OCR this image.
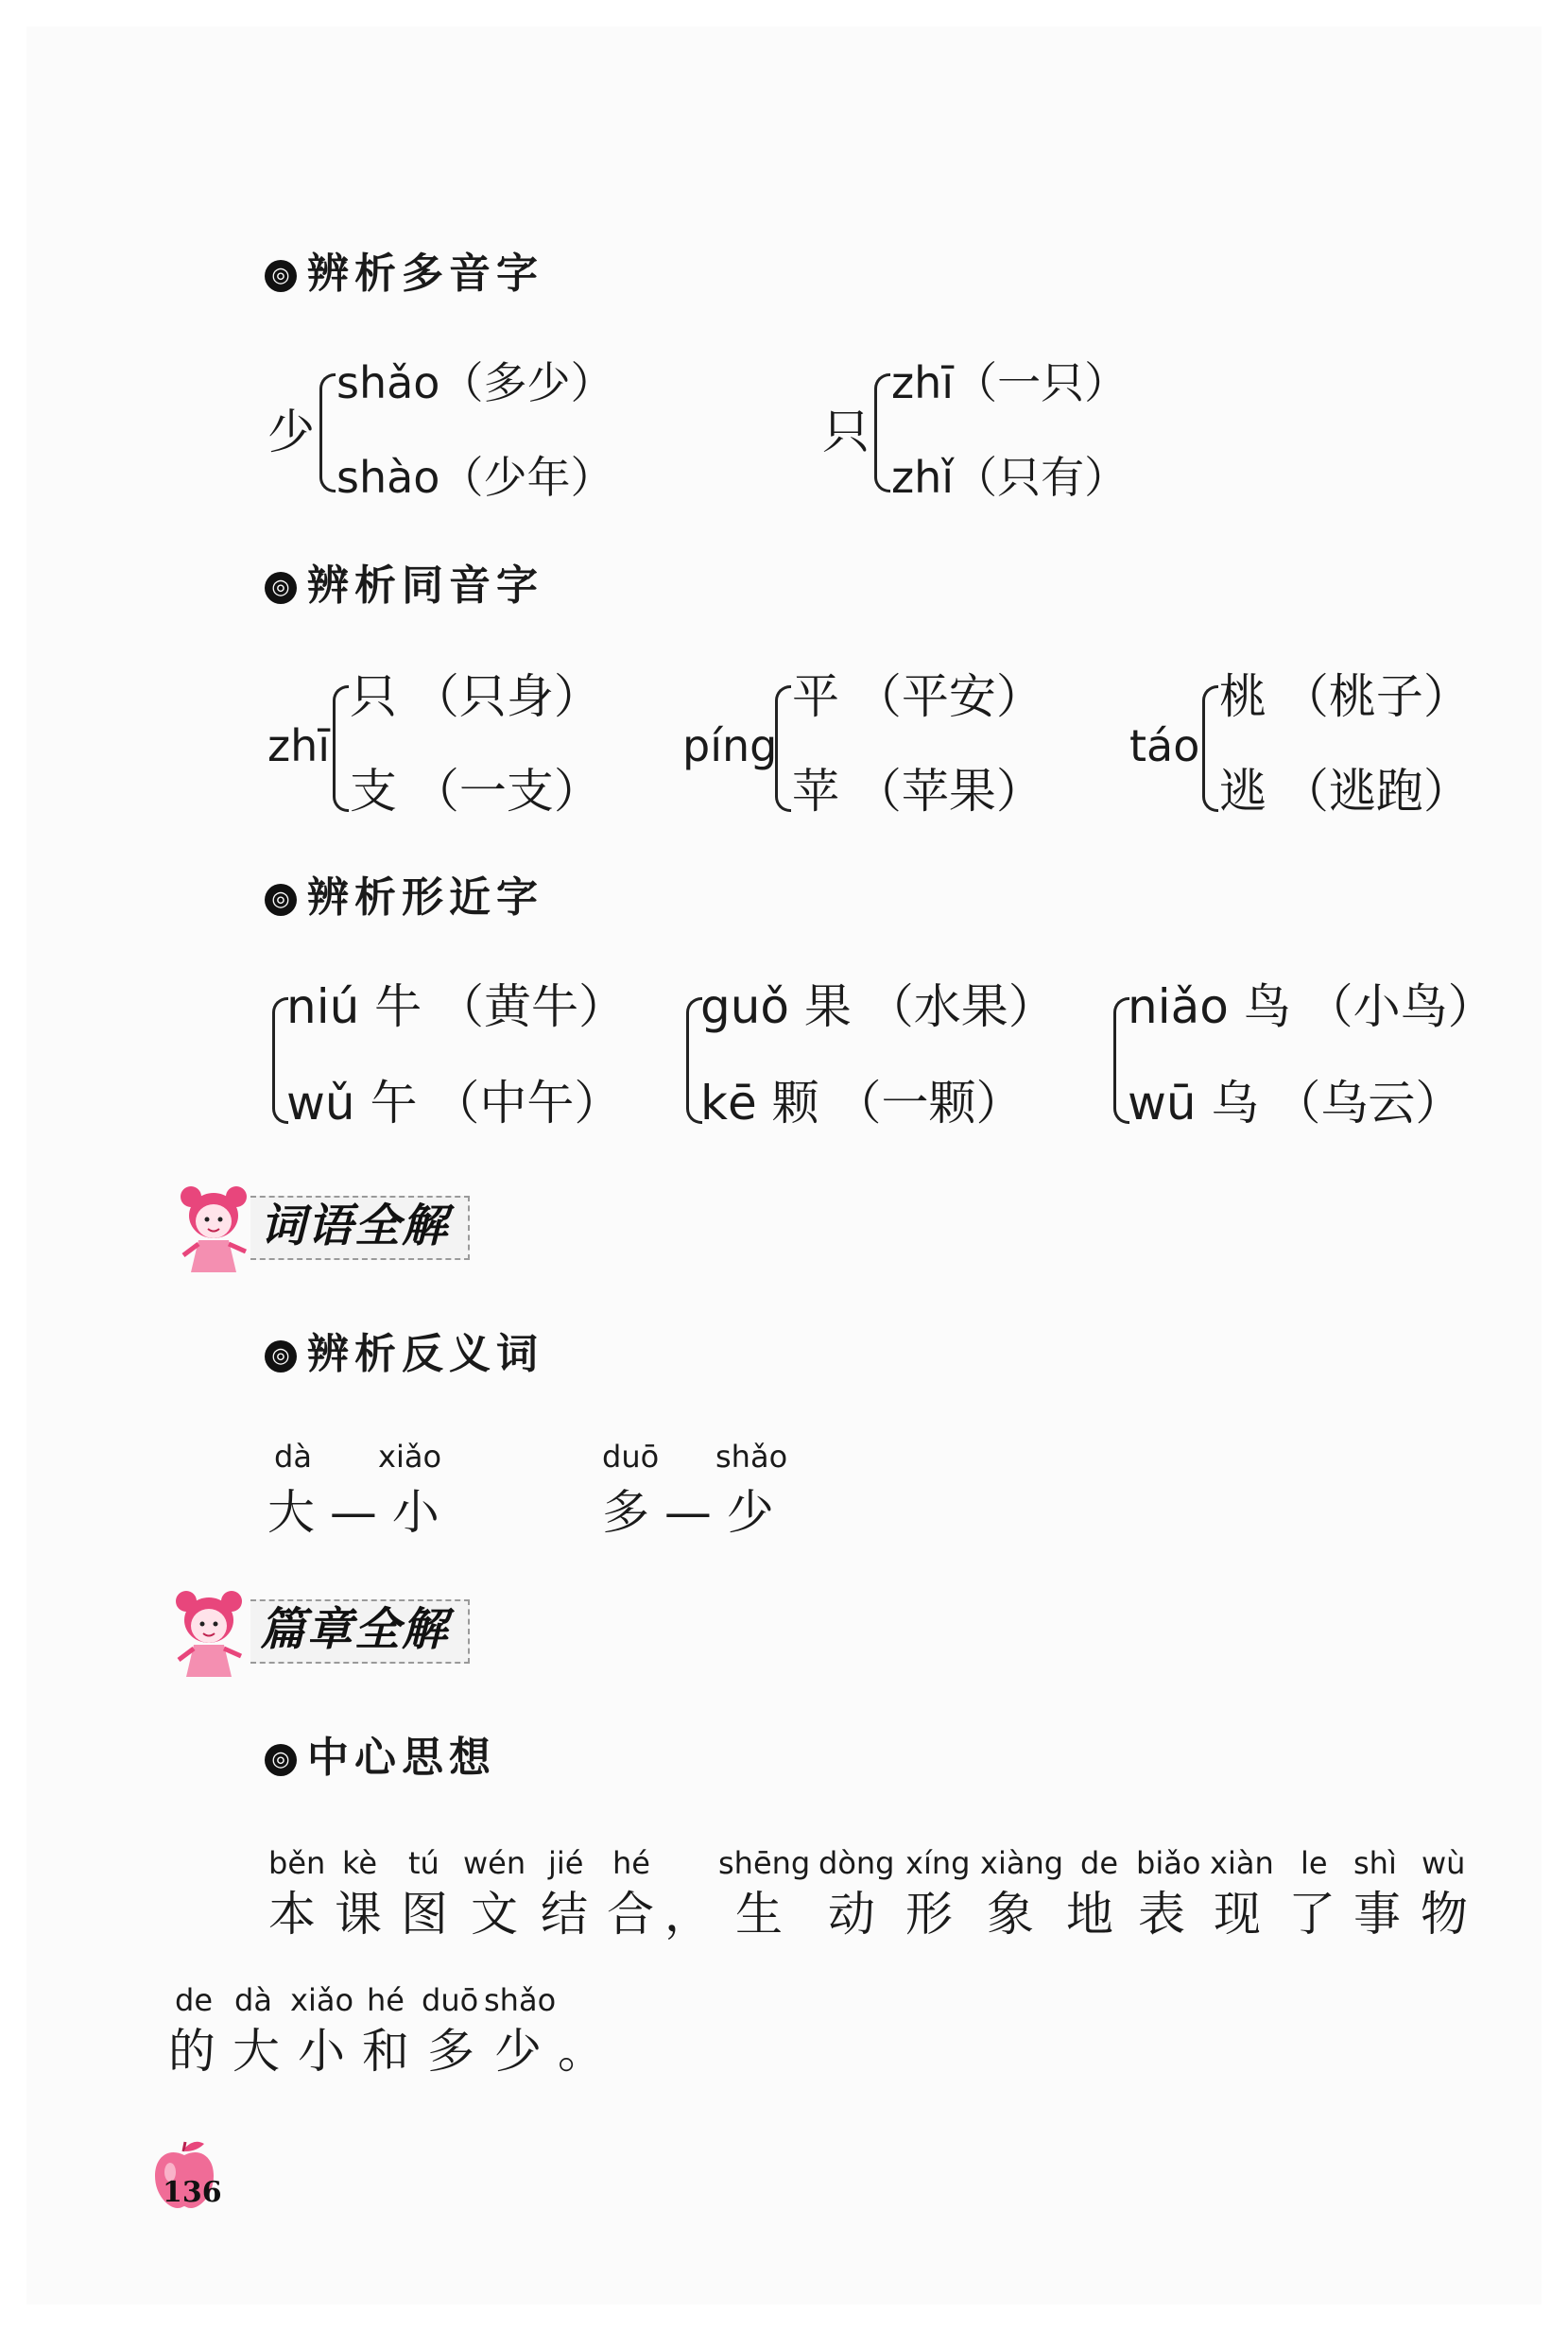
◎ 辨析多音字
少
shǎo（多少）
shào（少年）
只
zhī（一只）
zhǐ（只有）
◎ 辨析同音字
zhī
只 （只身）
支 （一支）
píng
平 （平安）
苹 （苹果）
táo
桃 （桃子）
逃 （逃跑）
◎ 辨析形近字
niú 牛 （黄牛）
wǔ 午 （中午）
guǒ 果 （水果）
kē 颗 （一颗）
niǎo 鸟 （小鸟）
wū 乌 （乌云）
词语全解
◎ 辨析反义词
dà xiǎo
大 — 小
duō shǎo
多 — 少
篇章全解
◎ 中心思想
běn kè tú wén jié hé shēng dòng xíng xiàng de biǎo xiàn le shì wù
本 课 图 文 结 合 ， 生 动 形 象 地 表 现 了 事 物
de dà xiǎo hé duō shǎo
的 大 小 和 多 少 。
136
